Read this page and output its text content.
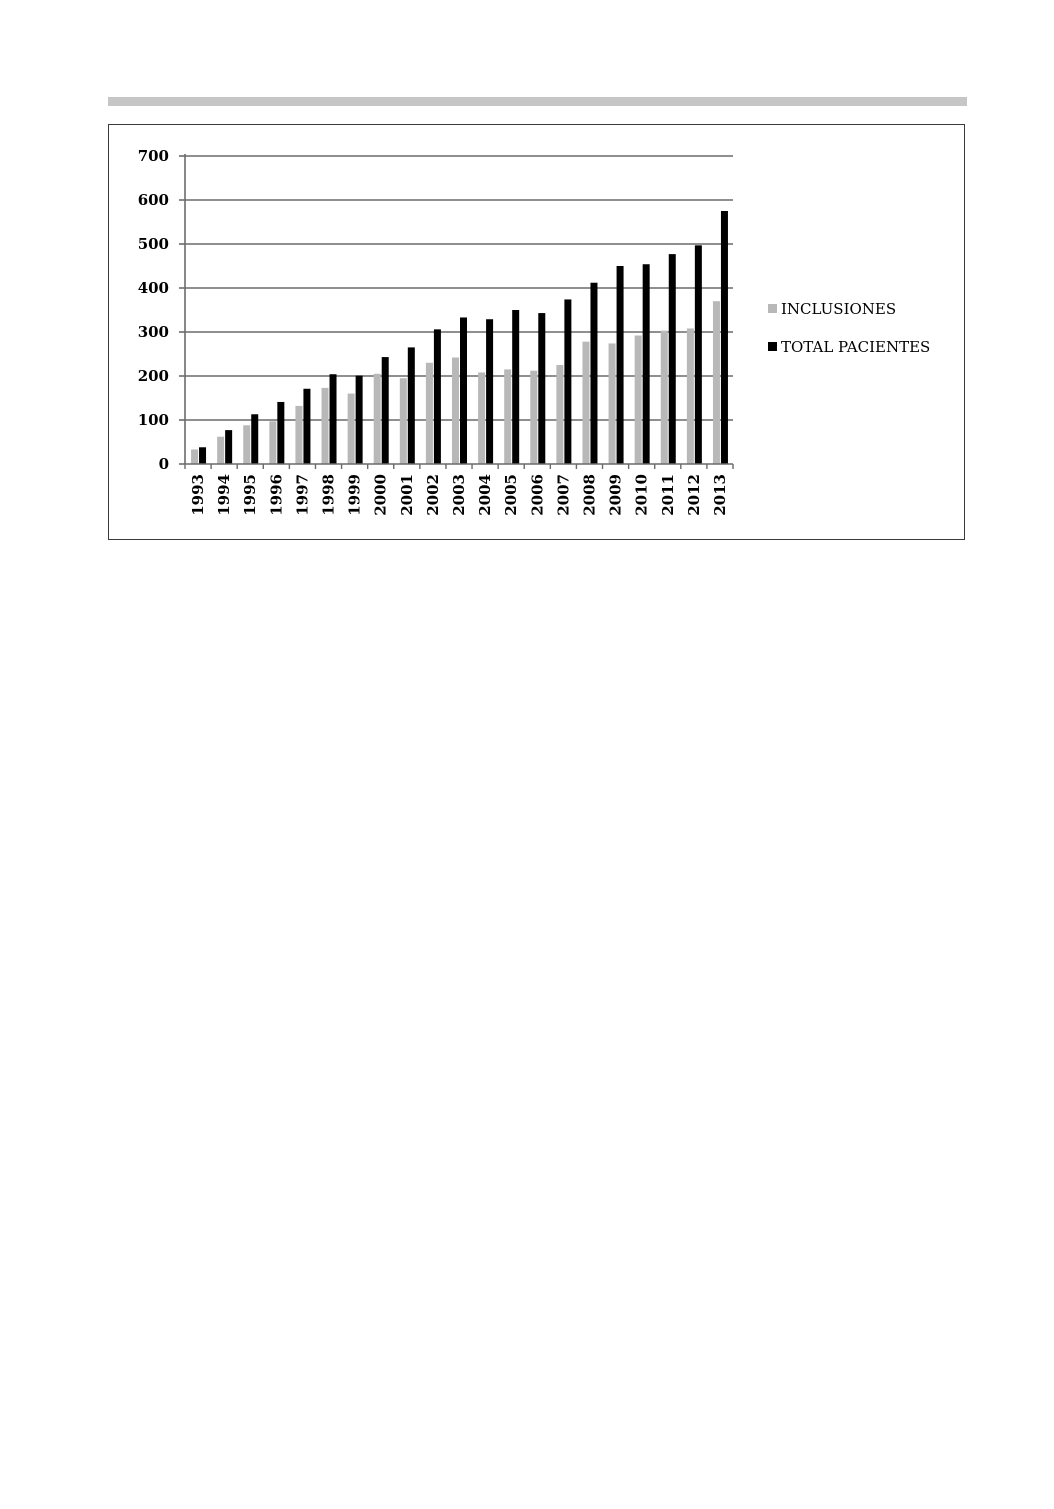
0
100
200
300
400
500
600
700
1993 1994 1995 1996 1997 1998 1999 2000 2001 2002 2003 2004 2005 2006 2007 2008 2009 2010 2011 2012 2013
INCLUSIONES
TOTAL PACIENTES
